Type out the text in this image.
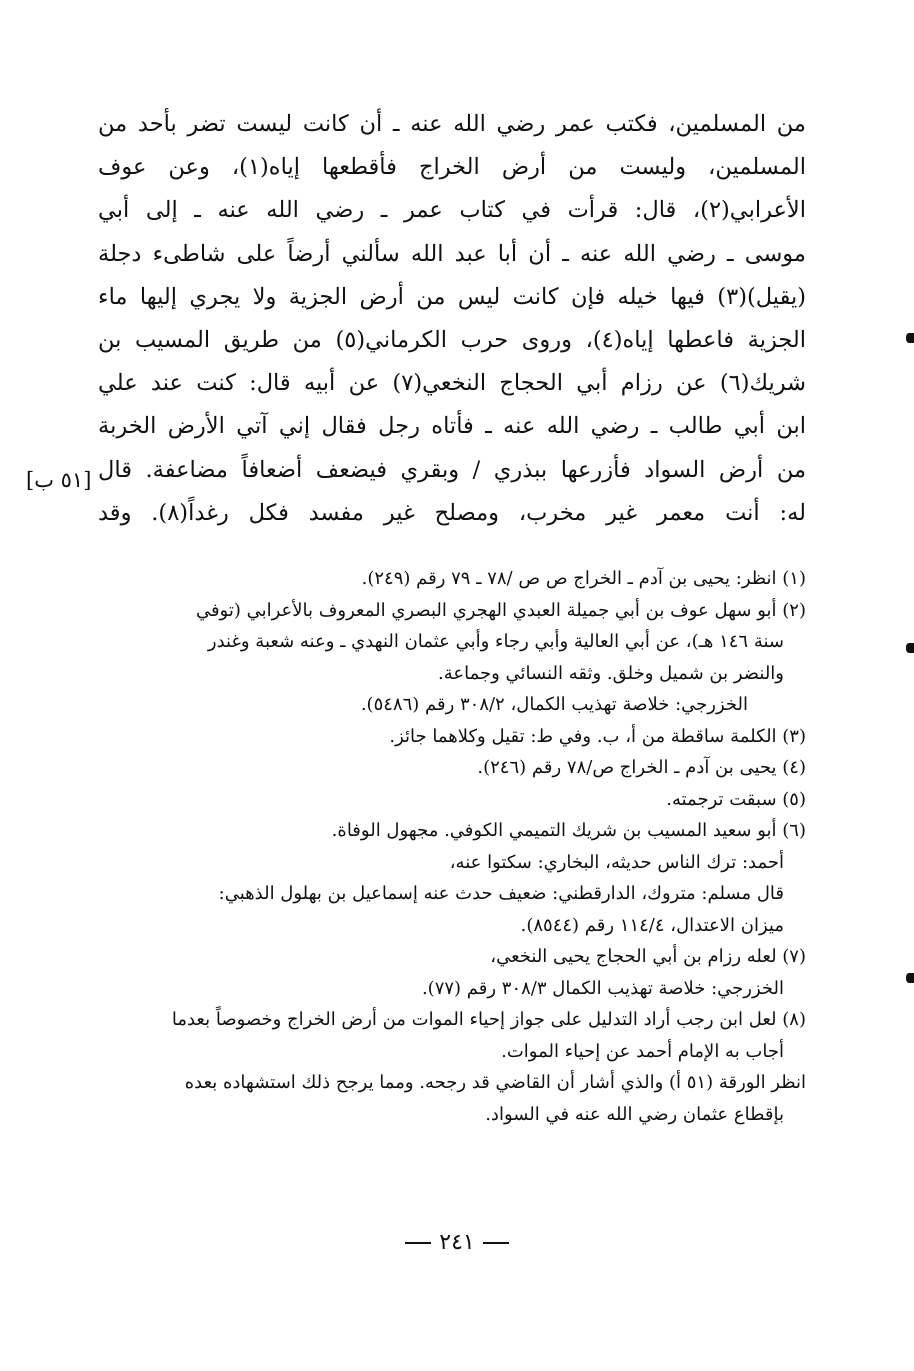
من المسلمين، فكتب عمر رضي الله عنه ـ أن كانت ليست تضر بأحد من
المسلمين، وليست من أرض الخراج فأقطعها إياه(١)، وعن عوف
الأعرابي(٢)، قال: قرأت في كتاب عمر ـ رضي الله عنه ـ إلى أبي
موسى ـ رضي الله عنه ـ أن أبا عبد الله سألني أرضاً على شاطىء دجلة
(يقيل)(٣) فيها خيله فإن كانت ليس من أرض الجزية ولا يجري إليها ماء
الجزية فاعطها إياه(٤)، وروى حرب الكرماني(٥) من طريق المسيب بن
شريك(٦) عن رزام أبي الحجاج النخعي(٧) عن أبيه قال: كنت عند علي
ابن أبي طالب ـ رضي الله عنه ـ فأتاه رجل فقال إني آتي الأرض الخربة
من أرض السواد فأزرعها ببذري / وبقري فيضعف أضعافاً مضاعفة. قال
له: أنت معمر غير مخرب، ومصلح غير مفسد فكل رغداً(٨). وقد
[٥١ ب]
(١) انظر: يحيى بن آدم ـ الخراج ص ص /٧٨ ـ ٧٩ رقم (٢٤٩).
(٢) أبو سهل عوف بن أبي جميلة العبدي الهجري البصري المعروف بالأعرابي (توفي
سنة ١٤٦ هـ)، عن أبي العالية وأبي رجاء وأبي عثمان النهدي ـ وعنه شعبة وغندر
والنضر بن شميل وخلق. وثقه النسائي وجماعة.
الخزرجي: خلاصة تهذيب الكمال، ٣٠٨/٢ رقم (٥٤٨٦).
(٣) الكلمة ساقطة من أ، ب. وفي ط: تقيل وكلاهما جائز.
(٤) يحيى بن آدم ـ الخراج ص/٧٨ رقم (٢٤٦).
(٥) سبقت ترجمته.
(٦) أبو سعيد المسيب بن شريك التميمي الكوفي. مجهول الوفاة.
أحمد: ترك الناس حديثه، البخاري: سكتوا عنه،
قال مسلم: متروك، الدارقطني: ضعيف حدث عنه إسماعيل بن بهلول الذهبي:
ميزان الاعتدال، ١١٤/٤ رقم (٨٥٤٤).
(٧) لعله رزام بن أبي الحجاج يحيى النخعي،
الخزرجي: خلاصة تهذيب الكمال ٣٠٨/٣ رقم (٧٧).
(٨) لعل ابن رجب أراد التدليل على جواز إحياء الموات من أرض الخراج وخصوصاً بعدما
أجاب به الإمام أحمد عن إحياء الموات.
انظر الورقة (٥١ أ) والذي أشار أن القاضي قد رجحه. ومما يرجح ذلك استشهاده بعده
بإقطاع عثمان رضي الله عنه في السواد.
٢٤١
